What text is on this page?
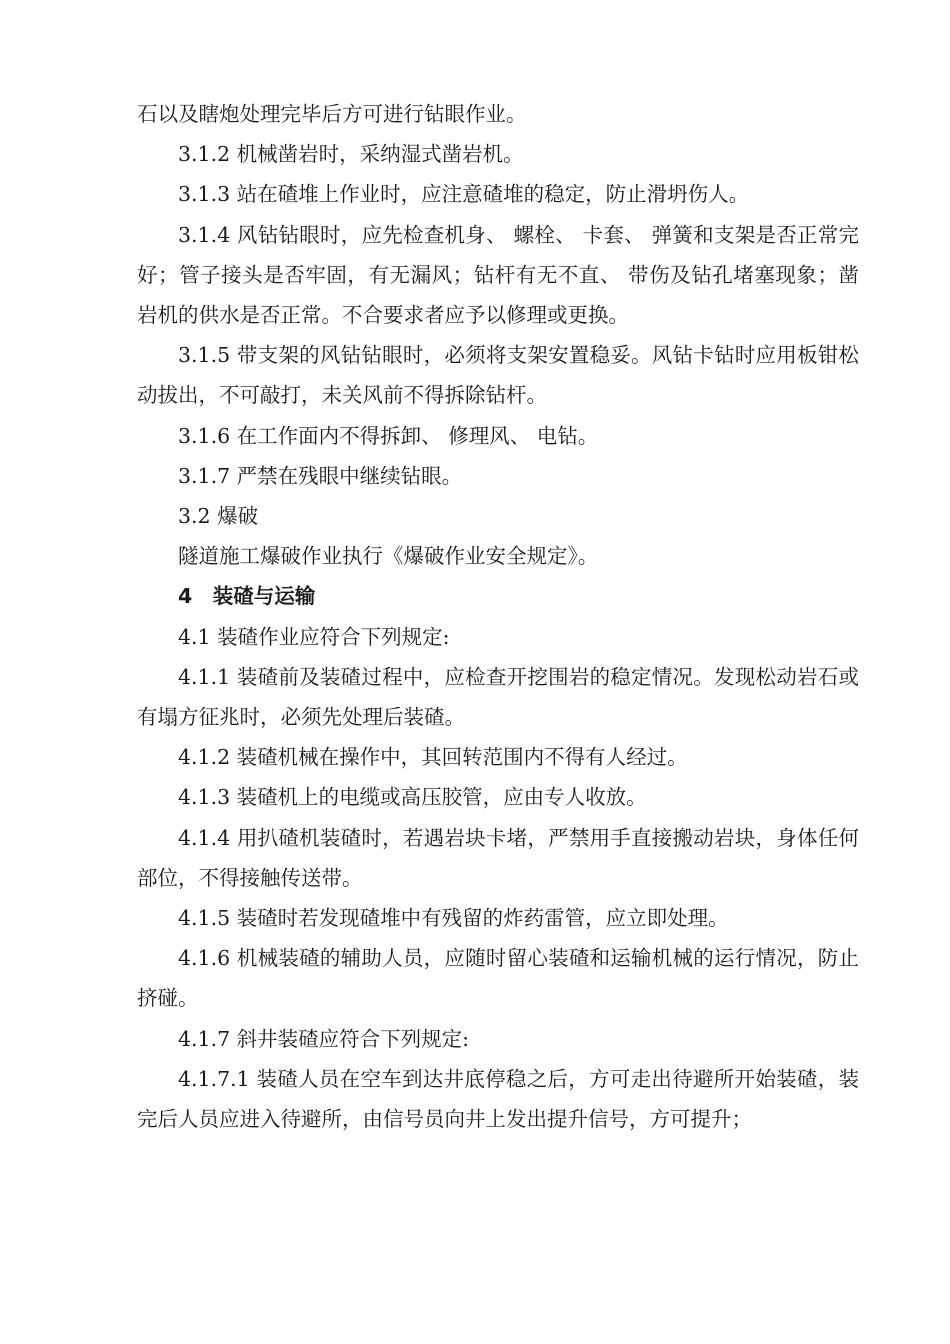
石以及瞎炮处理完毕后方可进行钻眼作业。

3.1.2 机械凿岩时，采纳湿式凿岩机。

3.1.3 站在碴堆上作业时，应注意碴堆的稳定，防止滑坍伤人。

3.1.4 风钻钻眼时，应先检查机身、 螺栓、 卡套、 弹簧和支架是否正常完好；管子接头是否牢固，有无漏风；钻杆有无不直、 带伤及钻孔堵塞现象；凿岩机的供水是否正常。不合要求者应予以修理或更换。

3.1.5 带支架的风钻钻眼时，必须将支架安置稳妥。风钻卡钻时应用板钳松动拔出，不可敲打，未关风前不得拆除钻杆。

3.1.6 在工作面内不得拆卸、 修理风、 电钻。

3.1.7 严禁在残眼中继续钻眼。

3.2 爆破

隧道施工爆破作业执行《爆破作业安全规定》。

4　装碴与运输

4.1 装碴作业应符合下列规定:

4.1.1 装碴前及装碴过程中，应检查开挖围岩的稳定情况。发现松动岩石或有塌方征兆时，必须先处理后装碴。

4.1.2 装碴机械在操作中，其回转范围内不得有人经过。

4.1.3 装碴机上的电缆或高压胶管，应由专人收放。

4.1.4 用扒碴机装碴时，若遇岩块卡堵，严禁用手直接搬动岩块，身体任何部位，不得接触传送带。

4.1.5 装碴时若发现碴堆中有残留的炸药雷管，应立即处理。

4.1.6 机械装碴的辅助人员，应随时留心装碴和运输机械的运行情况，防止挤碰。

4.1.7 斜井装碴应符合下列规定:

4.1.7.1 装碴人员在空车到达井底停稳之后，方可走出待避所开始装碴，装完后人员应进入待避所，由信号员向井上发出提升信号，方可提升；
